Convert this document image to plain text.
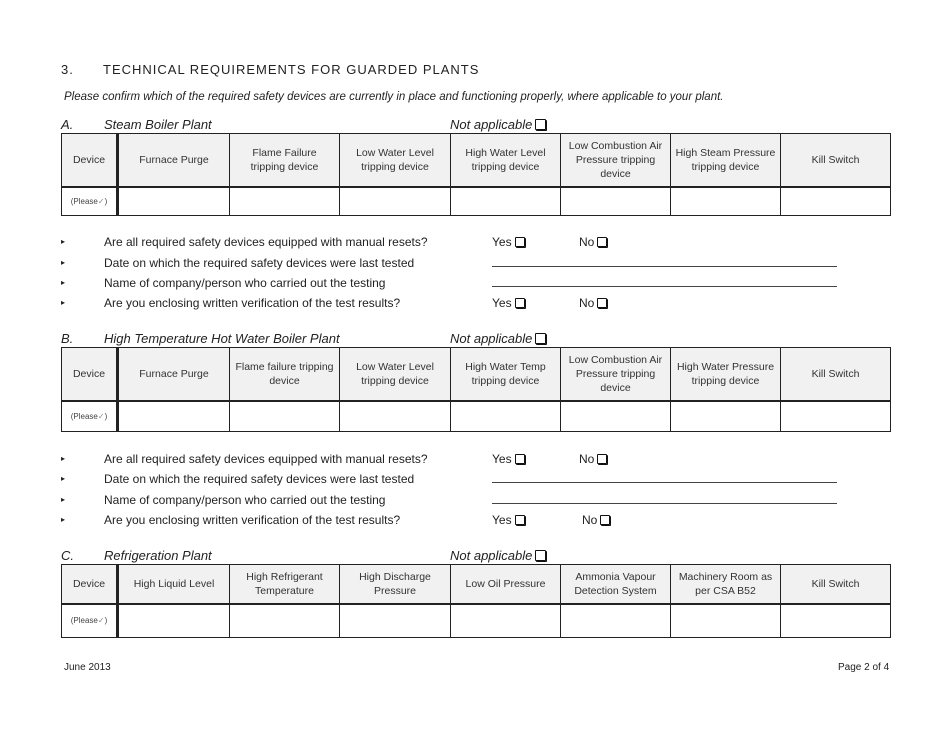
3. TECHNICAL REQUIREMENTS FOR GUARDED PLANTS
Please confirm which of the required safety devices are currently in place and functioning properly, where applicable to your plant.
A. Steam Boiler Plant	Not applicable
Device	Furnace Purge	Flame Failure tripping device	Low Water Level tripping device	High Water Level tripping device	Low Combustion Air Pressure tripping device	High Steam Pressure tripping device	Kill Switch
(Please✓)							
▸	Are all required safety devices equipped with manual resets?	Yes	No
▸	Date on which the required safety devices were last tested
▸	Name of company/person who carried out the testing
▸	Are you enclosing written verification of the test results?	Yes	No
B. High Temperature Hot Water Boiler Plant	Not applicable
Device	Furnace Purge	Flame failure tripping device	Low Water Level tripping device	High Water Temp tripping device	Low Combustion Air Pressure tripping device	High Water Pressure tripping device	Kill Switch
(Please✓)							
▸	Are all required safety devices equipped with manual resets?	Yes	No
▸	Date on which the required safety devices were last tested
▸	Name of company/person who carried out the testing
▸	Are you enclosing written verification of the test results?	Yes	No
C. Refrigeration Plant	Not applicable
Device	High Liquid Level	High Refrigerant Temperature	High Discharge Pressure	Low Oil Pressure	Ammonia Vapour Detection System	Machinery Room as per CSA B52	Kill Switch
(Please✓)							
June 2013	Page 2 of 4
